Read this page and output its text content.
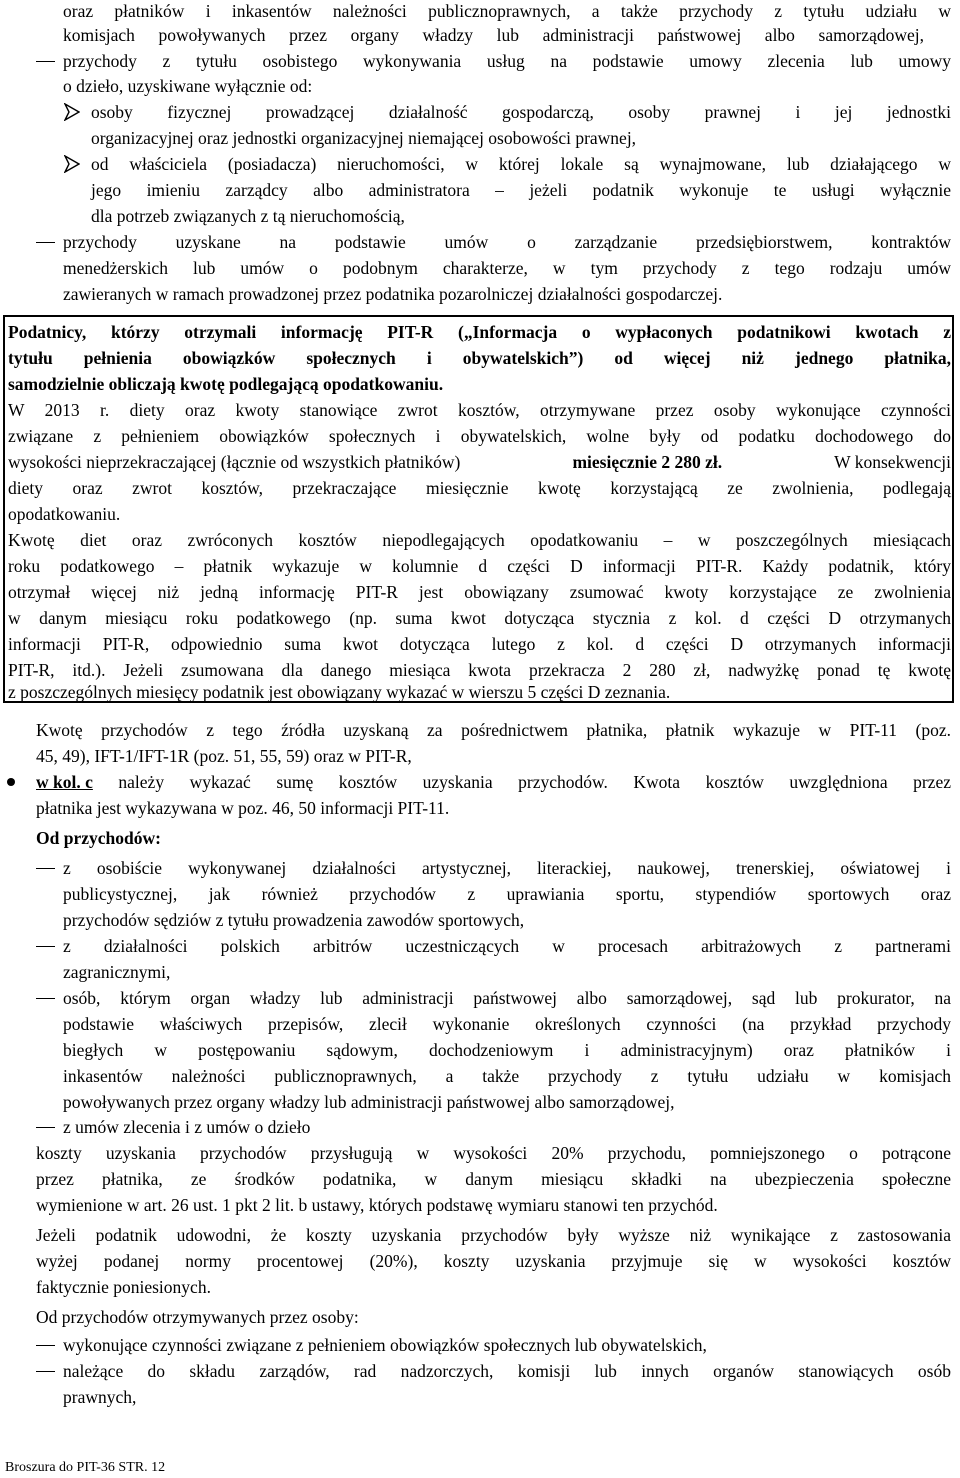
oraz płatników i inkasentów należności publicznoprawnych, a także przychody z tytułu udziału w
komisjach powoływanych przez organy władzy lub administracji państwowej albo samorządowej,
przychody z tytułu osobistego wykonywania usług na podstawie umowy zlecenia lub umowy
o dzieło, uzyskiwane wyłącznie od:
osoby fizycznej prowadzącej działalność gospodarczą, osoby prawnej i jej jednostki
organizacyjnej oraz jednostki organizacyjnej niemającej osobowości prawnej,
od właściciela (posiadacza) nieruchomości, w której lokale są wynajmowane, lub działającego w
jego imieniu zarządcy albo administratora – jeżeli podatnik wykonuje te usługi wyłącznie
dla potrzeb związanych z tą nieruchomością,
przychody uzyskane na podstawie umów o zarządzanie przedsiębiorstwem, kontraktów
menedżerskich lub umów o podobnym charakterze, w tym przychody z tego rodzaju umów
zawieranych w ramach prowadzonej przez podatnika pozarolniczej działalności gospodarczej.
Podatnicy, którzy otrzymali informację PIT-R („Informacja o wypłaconych podatnikowi kwotach z
tytułu pełnienia obowiązków społecznych i obywatelskich”) od więcej niż jednego płatnika,
samodzielnie obliczają kwotę podlegającą opodatkowaniu.
W 2013 r. diety oraz kwoty stanowiące zwrot kosztów, otrzymywane przez osoby wykonujące czynności
związane z pełnieniem obowiązków społecznych i obywatelskich, wolne były od podatku dochodowego do
wysokości nieprzekraczającej (łącznie od wszystkich płatników)	miesięcznie 2 280 zł.	W konsekwencji
diety oraz zwrot kosztów, przekraczające miesięcznie kwotę korzystającą ze zwolnienia, podlegają
opodatkowaniu.
Kwotę diet oraz zwróconych kosztów niepodlegających opodatkowaniu – w poszczególnych miesiącach
roku podatkowego – płatnik wykazuje w kolumnie d części D informacji PIT-R. Każdy podatnik, który
otrzymał więcej niż jedną informację PIT-R jest obowiązany zsumować kwoty korzystające ze zwolnienia
w danym miesiącu roku podatkowego (np. suma kwot dotycząca stycznia z kol. d części D otrzymanych
informacji PIT-R, odpowiednio suma kwot dotycząca lutego z kol. d części D otrzymanych informacji
PIT-R, itd.). Jeżeli zsumowana dla danego miesiąca kwota przekracza 2 280 zł, nadwyżkę ponad tę kwotę
z poszczególnych miesięcy podatnik jest obowiązany wykazać w wierszu 5 części D zeznania.
Kwotę przychodów z tego źródła uzyskaną za pośrednictwem płatnika, płatnik wykazuje w PIT-11 (poz.
45, 49), IFT-1/IFT-1R (poz. 51, 55, 59) oraz w PIT-R,
w kol. c należy wykazać sumę kosztów uzyskania przychodów. Kwota kosztów uwzględniona przez
płatnika jest wykazywana w poz. 46, 50 informacji PIT-11.
Od przychodów:
z osobiście wykonywanej działalności artystycznej, literackiej, naukowej, trenerskiej, oświatowej i
publicystycznej, jak również przychodów z uprawiania sportu, stypendiów sportowych oraz
przychodów sędziów z tytułu prowadzenia zawodów sportowych,
z działalności polskich arbitrów uczestniczących w procesach arbitrażowych z partnerami
zagranicznymi,
osób, którym organ władzy lub administracji państwowej albo samorządowej, sąd lub prokurator, na
podstawie właściwych przepisów, zlecił wykonanie określonych czynności (na przykład przychody
biegłych w postępowaniu sądowym, dochodzeniowym i administracyjnym) oraz płatników i
inkasentów należności publicznoprawnych, a także przychody z tytułu udziału w komisjach
powoływanych przez organy władzy lub administracji państwowej albo samorządowej,
z umów zlecenia i z umów o dzieło
koszty uzyskania przychodów przysługują w wysokości 20% przychodu, pomniejszonego o potrącone
przez płatnika, ze środków podatnika, w danym miesiącu składki na ubezpieczenia społeczne
wymienione w art. 26 ust. 1 pkt 2 lit. b ustawy, których podstawę wymiaru stanowi ten przychód.
Jeżeli podatnik udowodni, że koszty uzyskania przychodów były wyższe niż wynikające z zastosowania
wyżej podanej normy procentowej (20%), koszty uzyskania przyjmuje się w wysokości kosztów
faktycznie poniesionych.
Od przychodów otrzymywanych przez osoby:
wykonujące czynności związane z pełnieniem obowiązków społecznych lub obywatelskich,
należące do składu zarządów, rad nadzorczych, komisji lub innych organów stanowiących osób
prawnych,
Broszura do PIT-36 STR. 12
